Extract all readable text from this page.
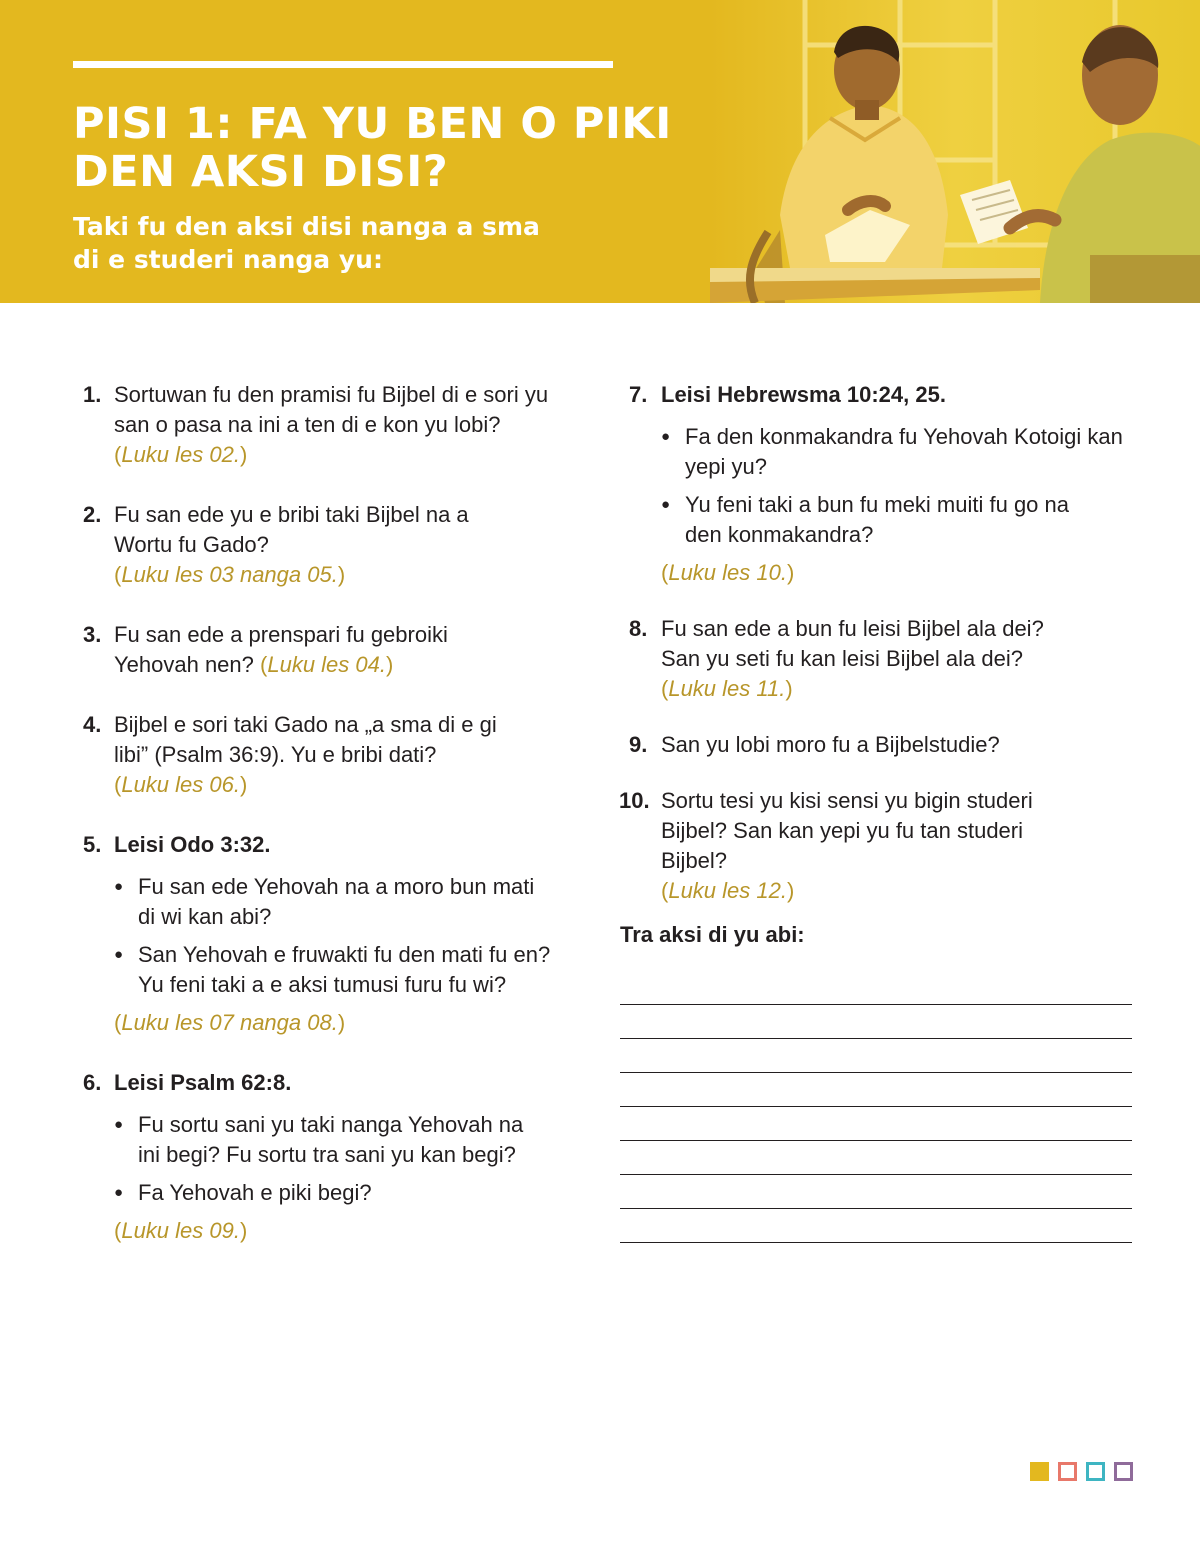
PISI 1: FA YU BEN O PIKI DEN AKSI DISI?

Taki fu den aksi disi nanga a sma di e studeri nanga yu:

1. Sortuwan fu den pramisi fu Bijbel di e sori yu san o pasa na ini a ten di e kon yu lobi?
(Luku les 02.)
2. Fu san ede yu e bribi taki Bijbel na a Wortu fu Gado?
(Luku les 03 nanga 05.)
3. Fu san ede a prenspari fu gebroiki Yehovah nen? (Luku les 04.)
4. Bijbel e sori taki Gado na „a sma di e gi libi” (Psalm 36:9). Yu e bribi dati?
(Luku les 06.)
5. Leisi Odo 3:32.
● Fu san ede Yehovah na a moro bun mati di wi kan abi?
● San Yehovah e fruwakti fu den mati fu en? Yu feni taki a e aksi tumusi furu fu wi?
(Luku les 07 nanga 08.)
6. Leisi Psalm 62:8.
● Fu sortu sani yu taki nanga Yehovah na ini begi? Fu sortu tra sani yu kan begi?
● Fa Yehovah e piki begi?
(Luku les 09.)
7. Leisi Hebrewsma 10:24, 25.
● Fa den konmakandra fu Yehovah Kotoigi kan yepi yu?
● Yu feni taki a bun fu meki muiti fu go na den konmakandra?
(Luku les 10.)
8. Fu san ede a bun fu leisi Bijbel ala dei? San yu seti fu kan leisi Bijbel ala dei?
(Luku les 11.)
9. San yu lobi moro fu a Bijbelstudie?
10. Sortu tesi yu kisi sensi yu bigin studeri Bijbel? San kan yepi yu fu tan studeri Bijbel?
(Luku les 12.)
Tra aksi di yu abi:
